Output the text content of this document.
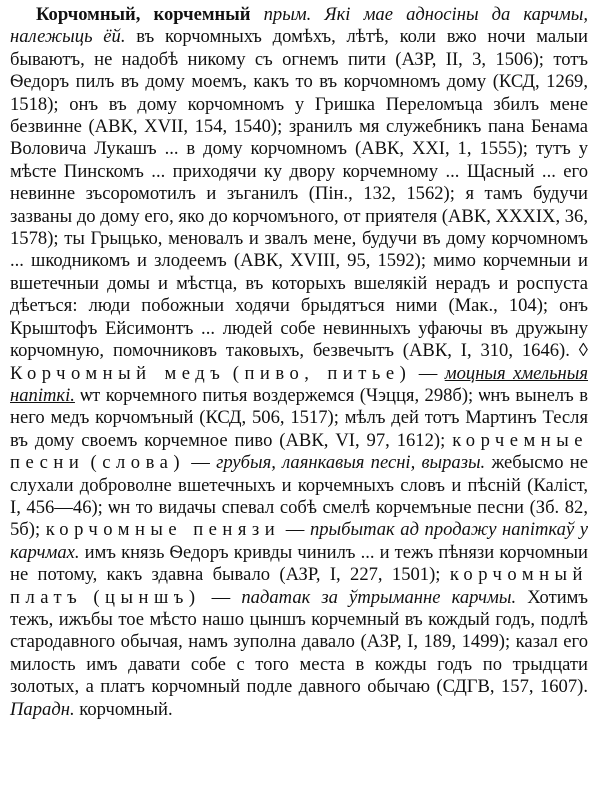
Корчомный, корчемный прым. Які мае адносіны да карчмы, належыць ёй. въ корчомныхъ домѣхъ, лѣтѣ, коли вжо ночи малыи бываютъ, не надобѣ никому съ огнемъ пити (АЗР, II, 3, 1506); тотъ Ѳедоръ пилъ въ дому моемъ, какъ то въ корчомномъ дому (КСД, 1269, 1518); онъ въ дому корчомномъ у Гришка Переломъца збилъ мене безвинне (АВК, XVII, 154, 1540); зранилъ мя служебникъ пана Бенама Воловича Лукашъ ... в дому корчомномъ (АВК, XXI, 1, 1555); тутъ у мѣсте Пинскомъ ... приходячи ку двору корчемному ... Щасный ... его невинне зъсоромотилъ и зъганилъ (Пін., 132, 1562); я тамъ будучи зазваны до дому его, яко до корчомъного, от приятеля (АВК, XXXIX, 36, 1578); ты Грыцько, меновалъ и звалъ мене, будучи въ дому корчомномъ ... шкодникомъ и злодеемъ (АВК, XVIII, 95, 1592); мимо корчемныи и вшетечныи домы и мѣстца, въ которыхъ вшелякій нерадъ и роспуста дѣетъся: люди побожныи ходячи брыдятъся ними (Мак., 104); онъ Крыштофъ Ейсимонтъ ... людей собе невинныхъ уфаючы въ дружыну корчомную, помочниковъ таковыхъ, безвечытъ (АВК, I, 310, 1646). ◊ Корчомный медъ (пиво, питье) — мoцныя хмельныя напіткі. ѡт корчемного питья воздержемся (Чэцця, 298б); ѡнъ вынелъ в него медъ корчомъный (КСД, 506, 1517); мѣлъ дей тотъ Мартинъ Тесля въ дому своемъ корчемное пиво (АВК, VI, 97, 1612); корчемные песни (слова) — грубыя, лаянкавыя песні, выразы. жебысмо не слухали доброволне вшетечныхъ и корчемныхъ словъ и пѣсній (Каліст, I, 456—46); ѡн то видачы спевал собѣ смелѣ корчемъные песни (Зб. 82, 5б); корчомные пенязи — прыбытак ад продажу напіткаў у карчмах. имъ князь Ѳедоръ кривды чинилъ ... и тежъ пѣнязи корчомныи не потому, какъ здавна бывало (АЗР, I, 227, 1501); корчомный платъ (цыншъ) — падатак за ўтрыманне карчмы. Хотимъ тежъ, ижъбы тое мѣсто нашо цыншъ корчемный въ кождый годъ, подлѣ стародавного обычая, намъ зуполна давало (АЗР, I, 189, 1499); казал его милость имъ давати собе с того места в кожды годъ по трыдцати золотых, а платъ корчомный подле давного обычаю (СДГВ, 157, 1607). Парадн. корчомный.
